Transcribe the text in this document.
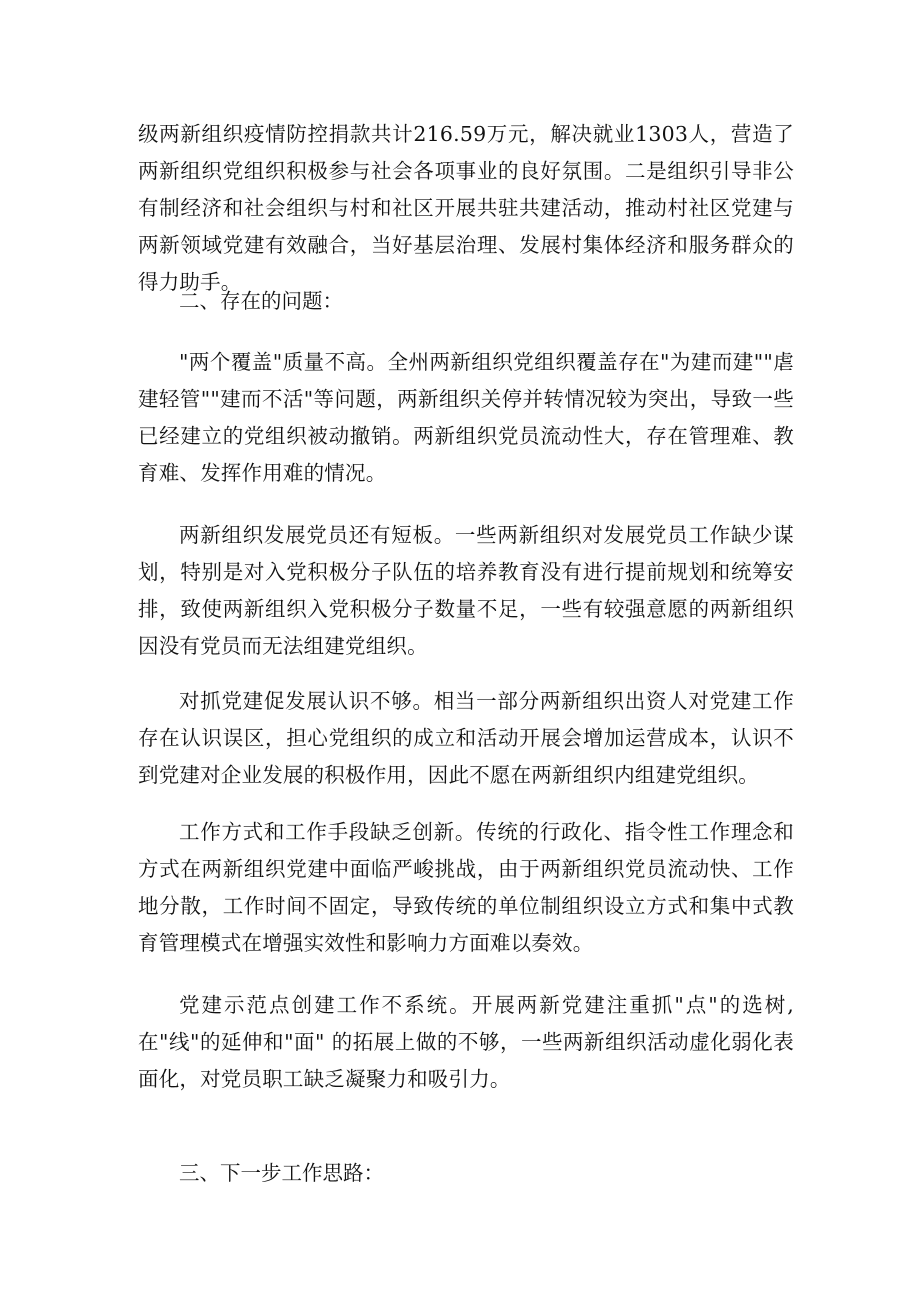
级两新组织疫情防控捐款共计216.59万元，解决就业1303人，营造了两新组织党组织积极参与社会各项事业的良好氛围。二是组织引导非公有制经济和社会组织与村和社区开展共驻共建活动，推动村社区党建与两新领域党建有效融合，当好基层治理、发展村集体经济和服务群众的得力助手。

二、存在的问题：

"两个覆盖"质量不高。全州两新组织党组织覆盖存在"为建而建""虐建轻管""建而不活"等问题，两新组织关停并转情况较为突出，导致一些已经建立的党组织被动撤销。两新组织党员流动性大，存在管理难、教育难、发挥作用难的情况。

两新组织发展党员还有短板。一些两新组织对发展党员工作缺少谋划，特别是对入党积极分子队伍的培养教育没有进行提前规划和统筹安排，致使两新组织入党积极分子数量不足，一些有较强意愿的两新组织因没有党员而无法组建党组织。

对抓党建促发展认识不够。相当一部分两新组织出资人对党建工作存在认识误区，担心党组织的成立和活动开展会增加运营成本，认识不到党建对企业发展的积极作用，因此不愿在两新组织内组建党组织。

工作方式和工作手段缺乏创新。传统的行政化、指令性工作理念和方式在两新组织党建中面临严峻挑战，由于两新组织党员流动快、工作地分散，工作时间不固定，导致传统的单位制组织设立方式和集中式教育管理模式在增强实效性和影响力方面难以奏效。

党建示范点创建工作不系统。开展两新党建注重抓"点"的选树,在"线"的延伸和"面" 的拓展上做的不够，一些两新组织活动虚化弱化表面化，对党员职工缺乏凝聚力和吸引力。

三、下一步工作思路：
